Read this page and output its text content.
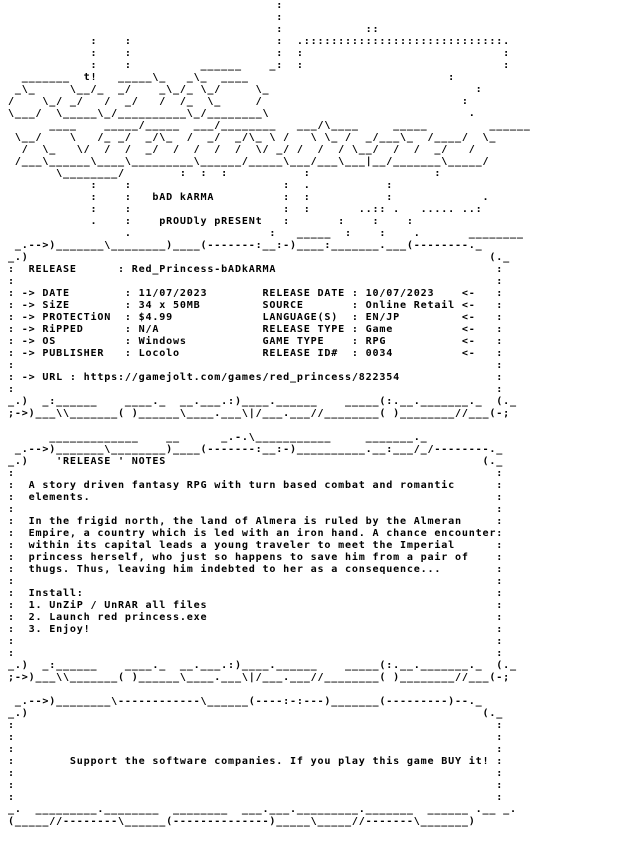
:
:
:            ::
:    :                     :  .:::::::::::::::::::::::::::::.
:    :                     :  :                             :
:    :          ______    _:  :                             :
_______  t!   _____\_   _\_  ____                             :
_\_     \__/_  _/    _\_/_ \_/     \_                              :
/    \_/ _/   /  _/   /  /_  \_     /                             :
\___/  \_____\_/__________\_/________\                             .
____    _____/_____  ___/________   ___/\____     _____         ______
\__/    \   /_ _/  _/\_  /  _/  _/\_ \ /   \ \_ /  _/___\_  /____/  \_
/  \_   \/  /  /  _/  /  /  /  /  \/ _/ /  /  / \__/  /  /  _/   /
/___\______\____\_________\______/_____\___/___\___|__/_______\_____/
\________/        :  :  :           :                  :
:    :                      :  .           :
:    :   bAD kARMA          :  :           :             .
:    :                      :  :       ..:: .   ..... ..:
.    :    pROUDly pRESENt   :       :    :    :
.                    :   _____  :    :    .       ________
_.-->)_______\________)____(-------:__:-)____:_______.___(--------._
_.)                                                                   (._
:  RELEASE      : Red_Princess-bADkARMA                                :
:                                                                      :
: -> DATE        : 11/07/2023        RELEASE DATE : 10/07/2023    <-   :
: -> SiZE        : 34 x 50MB         SOURCE       : Online Retail <-   :
: -> PROTECTiON  : $4.99             LANGUAGE(S)  : EN/JP         <-   :
: -> RiPPED      : N/A               RELEASE TYPE : Game          <-   :
: -> OS          : Windows           GAME TYPE    : RPG           <-   :
: -> PUBLISHER   : Locolo            RELEASE ID#  : 0034          <-   :
:                                                                      :
: -> URL : https://gamejolt.com/games/red_princess/822354              :
:                                                                      :
_.)  _:______    ____._  __.___.:)____.______    _____(:.__._______._  (._
;->)___\\_______( )______\____.___\|/___.___//________( )________//___(-;

_____________    __      _.-.\___________     _______._
_.-->)_______\________)____(-------:__:-)__________.__:___/_/--------._
_.)    'RELEASE ' NOTES                                              (._
:                                                                      :
:  A story driven fantasy RPG with turn based combat and romantic      :
:  elements.                                                           :
:                                                                      :
:  In the frigid north, the land of Almera is ruled by the Almeran     :
:  Empire, a country which is led with an iron hand. A chance encounter:
:  within its capital leads a young traveler to meet the Imperial      :
:  princess herself, who just so happens to save him from a pair of    :
:  thugs. Thus, leaving him indebted to her as a consequence...        :
:                                                                      :
:  Install:                                                            :
:  1. UnZiP / UnRAR all files                                          :
:  2. Launch red princess.exe                                          :
:  3. Enjoy!                                                           :
:                                                                      :
:                                                                      :
_.)  _:______    ____._  __.___.:)____.______    _____(:.__._______._  (._
;->)___\\_______( )______\____.___\|/___.___//________( )________//___(-;

_.-->)________\------------\______(----:-:---)_______(---------)--._
_.)                                                                  (._
:                                                                      :
:                                                                      :
:                                                                      :
:        Support the software companies. If you play this game BUY it! :
:                                                                      :
:                                                                      :
:                                                                      :
_.  _________.________  ________  ___.___._________._______  ______ .__ _.
(_____//--------\______(--------------)_____\_____//-------\_______)
